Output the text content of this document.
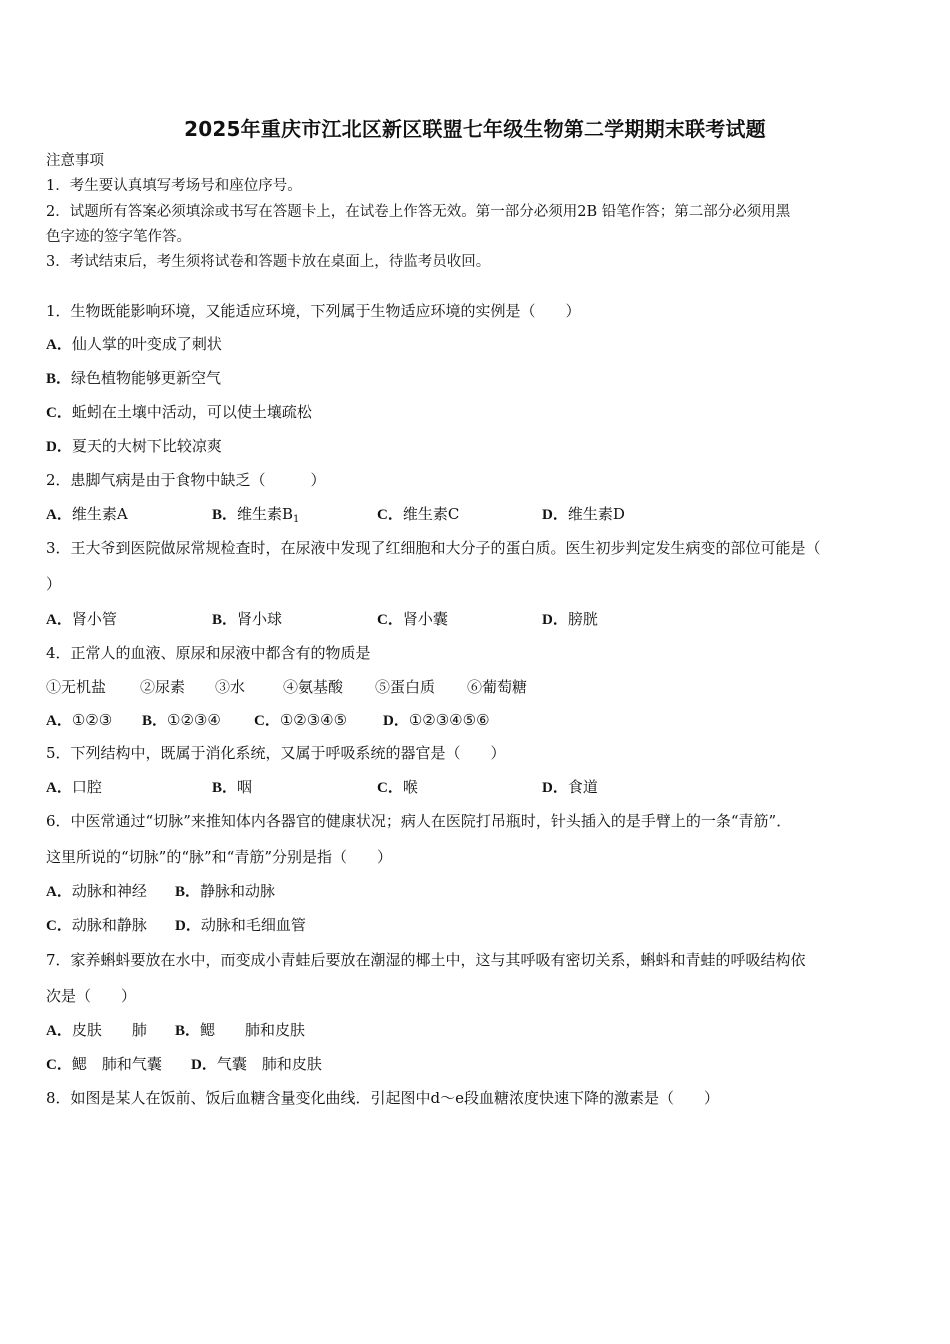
2025年重庆市江北区新区联盟七年级生物第二学期期末联考试题
注意事项
1．考生要认真填写考场号和座位序号。
2．试题所有答案必须填涂或书写在答题卡上，在试卷上作答无效。第一部分必须用2B 铅笔作答；第二部分必须用黑
色字迹的签字笔作答。
3．考试结束后，考生须将试卷和答题卡放在桌面上，待监考员收回。
1．生物既能影响环境，又能适应环境，下列属于生物适应环境的实例是（　　）
A．仙人掌的叶变成了刺状
B．绿色植物能够更新空气
C．蚯蚓在土壤中活动，可以使土壤疏松
D．夏天的大树下比较凉爽
2．患脚气病是由于食物中缺乏（　　　）
A．维生素A	B．维生素$B_1$	C．维生素C	D．维生素D
3．王大爷到医院做尿常规检查时，在尿液中发现了红细胞和大分子的蛋白质。医生初步判定发生病变的部位可能是（
）
A．肾小管	B．肾小球	C．肾小囊	D．膀胱
4．正常人的血液、原尿和尿液中都含有的物质是
①无机盐 ②尿素 ③水	④氨基酸 ⑤蛋白质 ⑥葡萄糖
A．①②③ B．①②③④ C．①②③④⑤ D．①②③④⑤⑥
5．下列结构中，既属于消化系统，又属于呼吸系统的器官是（　　）
A．口腔	B．咽	C．喉	D．食道
6．中医常通过“切脉”来推知体内各器官的健康状况；病人在医院打吊瓶时，针头插入的是手臂上的一条“青筋”．
这里所说的“切脉”的“脉”和“青筋”分别是指（　　）
A．动脉和神经 B．静脉和动脉
C．动脉和静脉 D．动脉和毛细血管
7．家养蝌蚪要放在水中，而变成小青蛙后要放在潮湿的椰土中，这与其呼吸有密切关系，蝌蚪和青蛙的呼吸结构依
次是（　　）
A．皮肤　　肺 B．鳃　　肺和皮肤
C．鳃　肺和气囊 D．气囊　肺和皮肤
8．如图是某人在饭前、饭后血糖含量变化曲线．引起图中d～e段血糖浓度快速下降的激素是（　　）
